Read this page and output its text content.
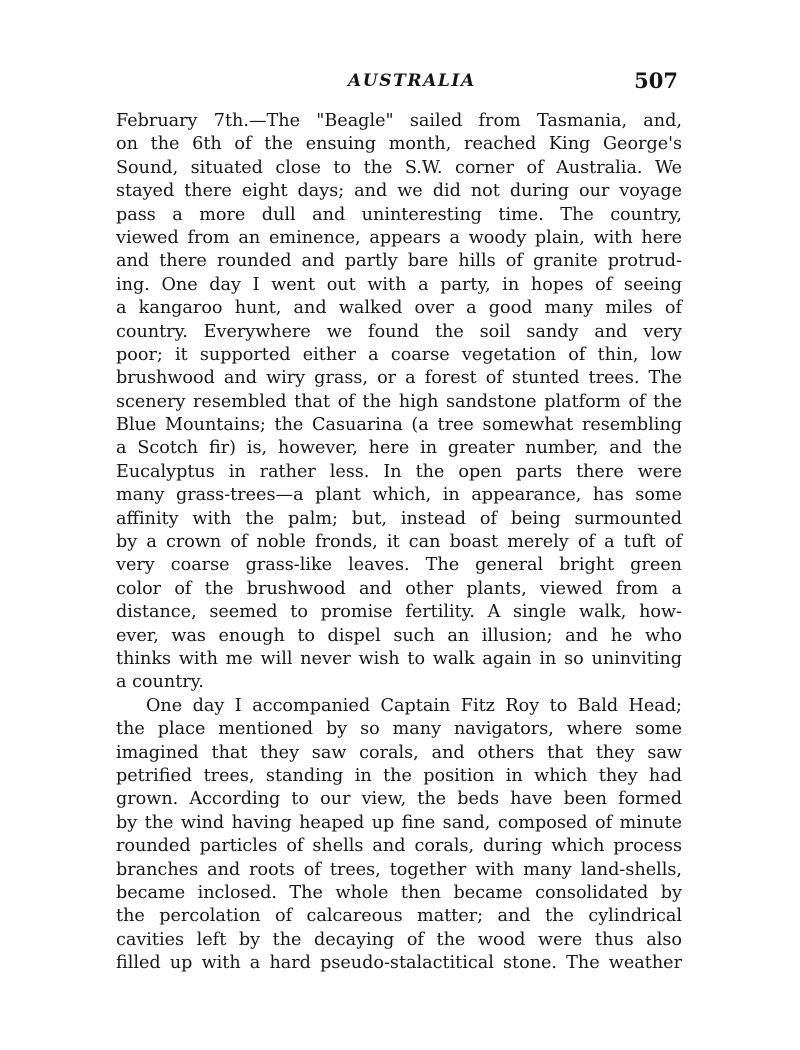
AUSTRALIA	507
February 7th.—The "Beagle" sailed from Tasmania, and,
on the 6th of the ensuing month, reached King George's
Sound, situated close to the S.W. corner of Australia. We
stayed there eight days; and we did not during our voyage
pass a more dull and uninteresting time. The country,
viewed from an eminence, appears a woody plain, with here
and there rounded and partly bare hills of granite protrud-
ing. One day I went out with a party, in hopes of seeing
a kangaroo hunt, and walked over a good many miles of
country. Everywhere we found the soil sandy and very
poor; it supported either a coarse vegetation of thin, low
brushwood and wiry grass, or a forest of stunted trees. The
scenery resembled that of the high sandstone platform of the
Blue Mountains; the Casuarina (a tree somewhat resembling
a Scotch fir) is, however, here in greater number, and the
Eucalyptus in rather less. In the open parts there were
many grass-trees—a plant which, in appearance, has some
affinity with the palm; but, instead of being surmounted
by a crown of noble fronds, it can boast merely of a tuft of
very coarse grass-like leaves. The general bright green
color of the brushwood and other plants, viewed from a
distance, seemed to promise fertility. A single walk, how-
ever, was enough to dispel such an illusion; and he who
thinks with me will never wish to walk again in so uninviting
a country.
One day I accompanied Captain Fitz Roy to Bald Head;
the place mentioned by so many navigators, where some
imagined that they saw corals, and others that they saw
petrified trees, standing in the position in which they had
grown. According to our view, the beds have been formed
by the wind having heaped up fine sand, composed of minute
rounded particles of shells and corals, during which process
branches and roots of trees, together with many land-shells,
became inclosed. The whole then became consolidated by
the percolation of calcareous matter; and the cylindrical
cavities left by the decaying of the wood were thus also
filled up with a hard pseudo-stalactitical stone. The weather
